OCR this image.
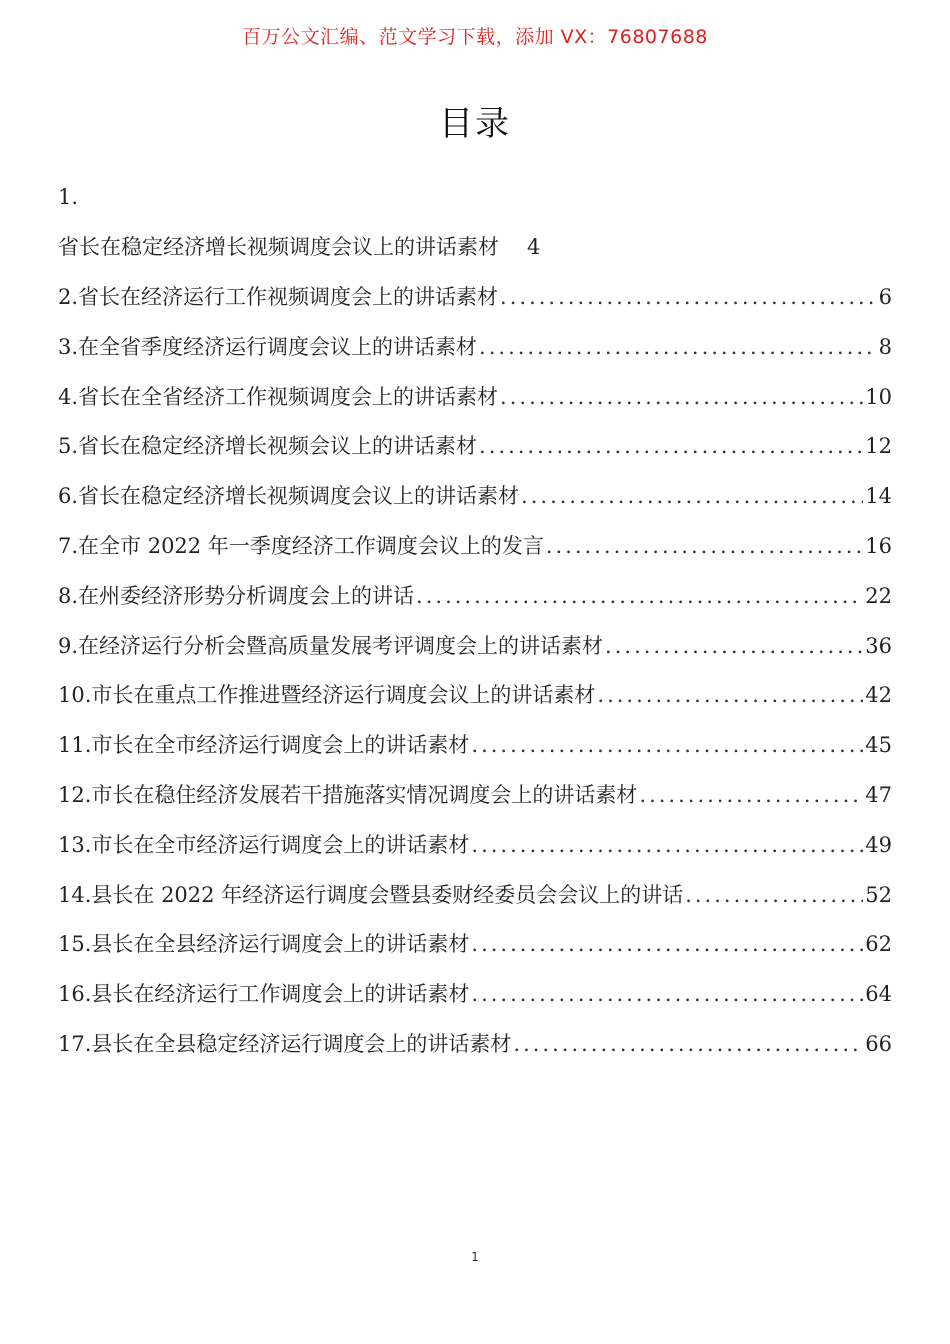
百万公文汇编、范文学习下载，添加 VX：76807688
目录
1.
省长在稳定经济增长视频调度会议上的讲话素材 4
2.省长在经济运行工作视频调度会上的讲话素材 .....	6
3.在全省季度经济运行调度会议上的讲话素材 .....	8
4.省长在全省经济工作视频调度会上的讲话素材 .....	10
5.省长在稳定经济增长视频会议上的讲话素材 .....	12
6.省长在稳定经济增长视频调度会议上的讲话素材 .....	14
7.在全市 2022 年一季度经济工作调度会议上的发言 .....	16
8.在州委经济形势分析调度会上的讲话 .....	22
9.在经济运行分析会暨高质量发展考评调度会上的讲话素材 .....	36
10.市长在重点工作推进暨经济运行调度会议上的讲话素材 .....	42
11.市长在全市经济运行调度会上的讲话素材 .....	45
12.市长在稳住经济发展若干措施落实情况调度会上的讲话素材 .....	47
13.市长在全市经济运行调度会上的讲话素材 .....	49
14.县长在 2022 年经济运行调度会暨县委财经委员会会议上的讲话 .....	52
15.县长在全县经济运行调度会上的讲话素材 .....	62
16.县长在经济运行工作调度会上的讲话素材 .....	64
17.县长在全县稳定经济运行调度会上的讲话素材 .....	66
1
